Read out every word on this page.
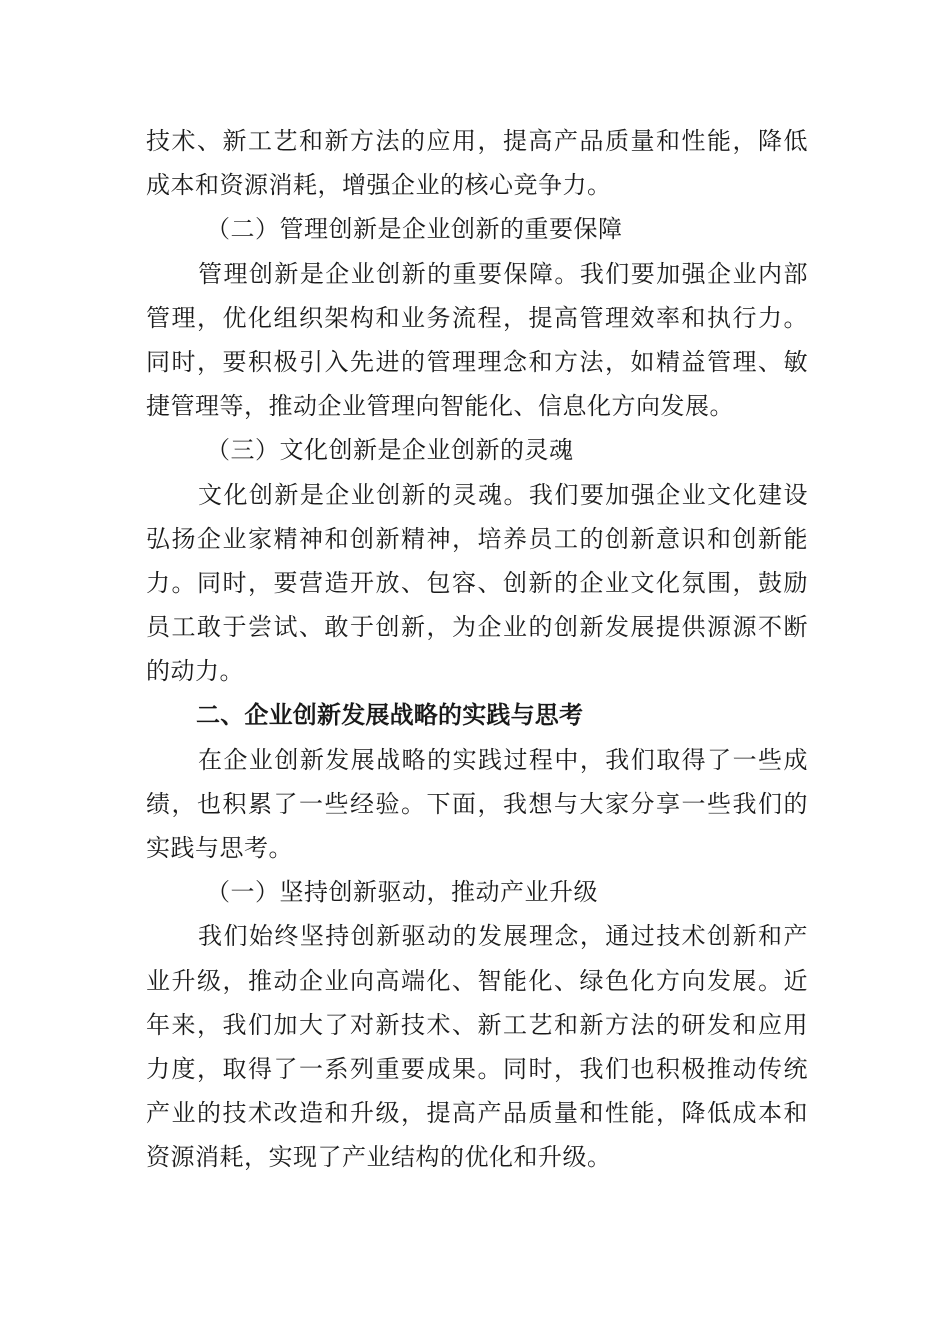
技术、新工艺和新方法的应用，提高产品质量和性能，降低
成本和资源消耗，增强企业的核心竞争力。
（二）管理创新是企业创新的重要保障
管理创新是企业创新的重要保障。我们要加强企业内部
管理，优化组织架构和业务流程，提高管理效率和执行力。
同时，要积极引入先进的管理理念和方法，如精益管理、敏
捷管理等，推动企业管理向智能化、信息化方向发展。
（三）文化创新是企业创新的灵魂
文化创新是企业创新的灵魂。我们要加强企业文化建设
弘扬企业家精神和创新精神，培养员工的创新意识和创新能
力。同时，要营造开放、包容、创新的企业文化氛围，鼓励
员工敢于尝试、敢于创新，为企业的创新发展提供源源不断
的动力。
二、企业创新发展战略的实践与思考
在企业创新发展战略的实践过程中，我们取得了一些成
绩，也积累了一些经验。下面，我想与大家分享一些我们的
实践与思考。
（一）坚持创新驱动，推动产业升级
我们始终坚持创新驱动的发展理念，通过技术创新和产
业升级，推动企业向高端化、智能化、绿色化方向发展。近
年来，我们加大了对新技术、新工艺和新方法的研发和应用
力度，取得了一系列重要成果。同时，我们也积极推动传统
产业的技术改造和升级，提高产品质量和性能，降低成本和
资源消耗，实现了产业结构的优化和升级。
